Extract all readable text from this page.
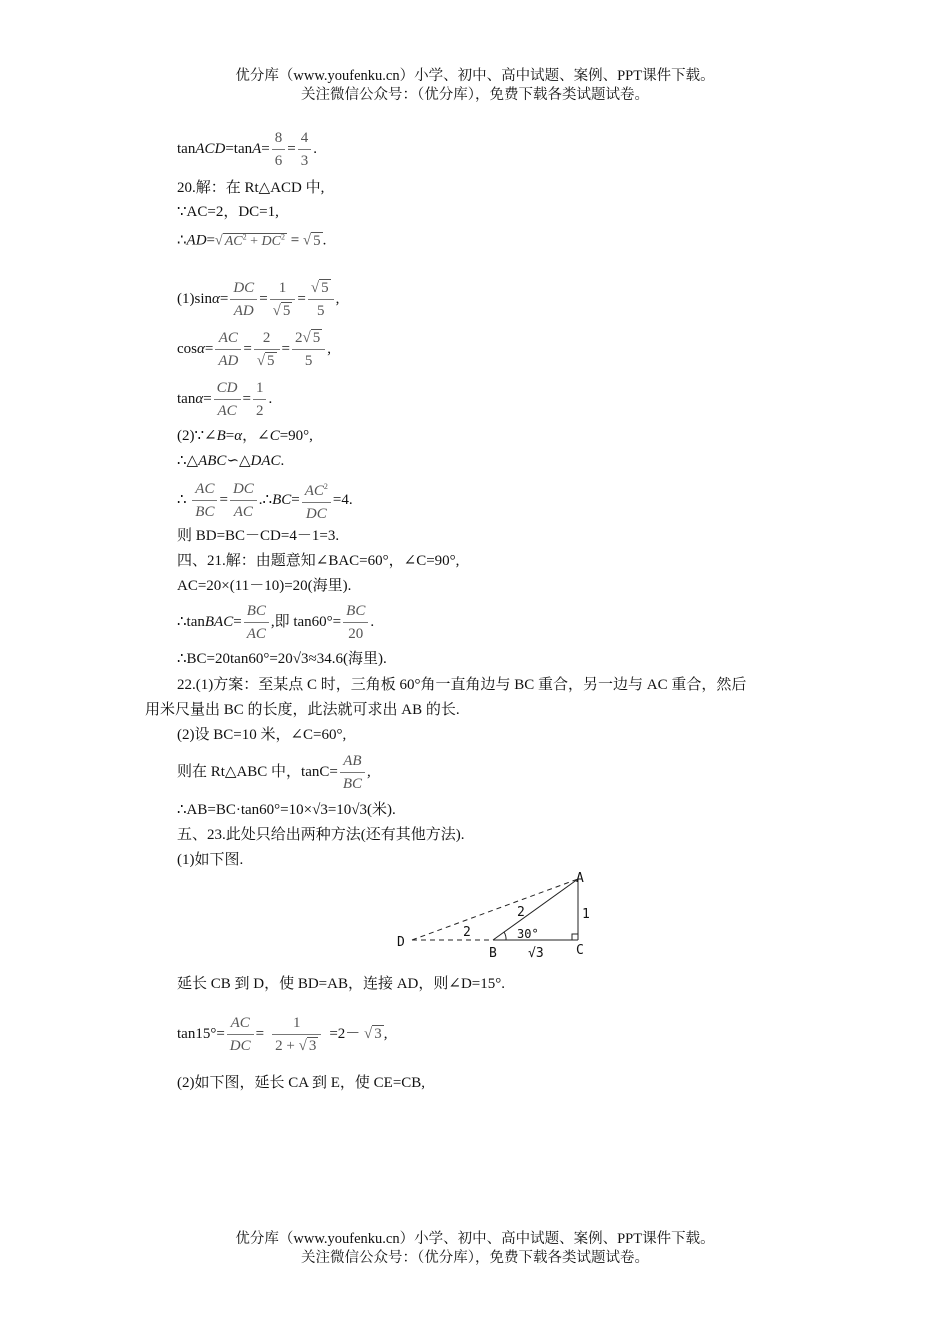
优分库（www.youfenku.cn）小学、初中、高中试题、案例、PPT课件下载。
关注微信公众号：（优分库），免费下载各类试题试卷。
tanACD=tanA= $\frac{8}{6} = \frac{4}{3}$ .
20.解：在 Rt△ACD 中,
∵AC=2，DC=1,
∴AD=√ $AC^2 + DC^2$ = √ 5 .
$(1)\sin\alpha= \frac{DC}{AD} = \frac{1}{√ 5} = \frac{√ 5}{5}$ ,
$\cos\alpha= \frac{AC}{AD} = \frac{2}{√ 5} = \frac{2√ 5}{5}$ ,
$\tan\alpha= \frac{CD}{AC} = \frac{1}{2}$ .
(2)∵∠B=α，∠C=90°,
∴△ABC∽△DAC.
∴ $\frac{AC}{BC} = \frac{DC}{AC}$ .∴BC= $\frac{AC^2}{DC} =4$.
则 BD=BC－CD=4－1=3.
四、21.解：由题意知∠BAC=60°，∠C=90°,
AC=20×(11－10)=20(海里).
∴tanBAC= $\frac{BC}{AC}$ ,即 $\tan 60^\circ= \frac{BC}{20}$ .
∴BC=20tan60°=20√3≈34.6(海里).
22.(1)方案：至某点 C 时，三角板 60°角一直角边与 BC 重合，另一边与 AC 重合，然后
用米尺量出 BC 的长度，此法就可求出 AB 的长.
(2)设 BC=10 米，∠C=60°,
则在 Rt△ABC 中，$\tan C= \frac{AB}{BC}$ ,
∴AB=BC·tan60°=10×√3=10√3(米).
五、23.此处只给出两种方法(还有其他方法).
(1)如下图.
A
B	C
D
2
2	1
√3
30°
延长 CB 到 D，使 BD=AB，连接 AD，则∠D=15°.
$\tan 15^\circ= \frac{AC}{DC} = \frac{1}{2 + √ 3} =2-$ √ 3 ,
(2)如下图，延长 CA 到 E，使 CE=CB,
优分库（www.youfenku.cn）小学、初中、高中试题、案例、PPT课件下载。
关注微信公众号：（优分库），免费下载各类试题试卷。
